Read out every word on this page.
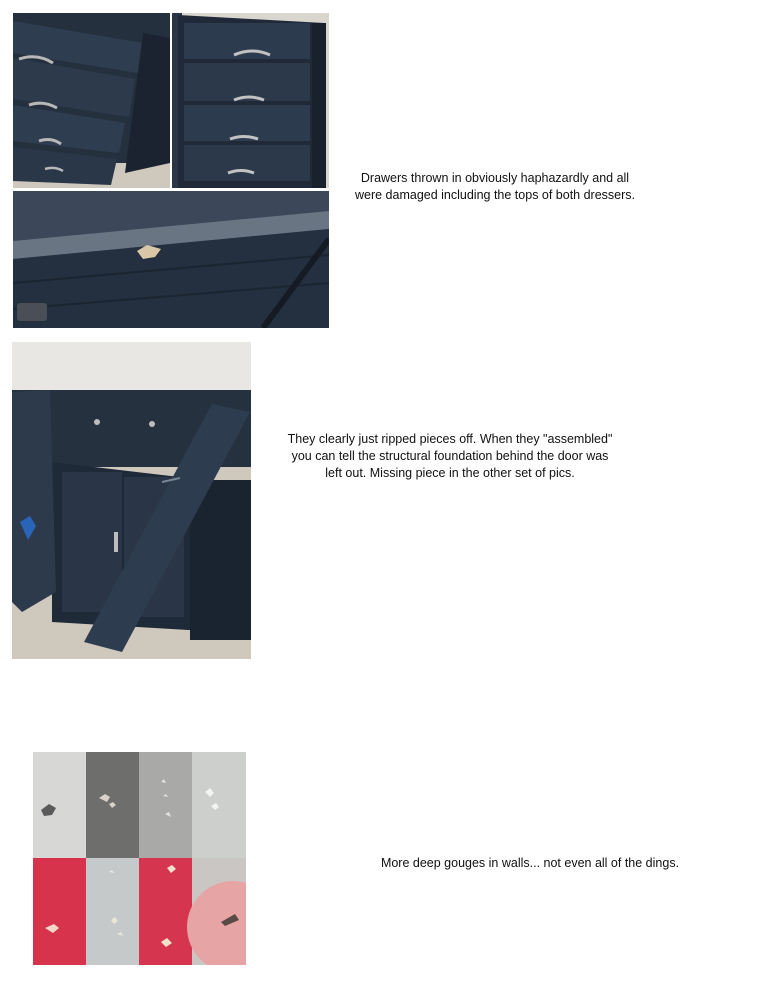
Drawers thrown in obviously haphazardly and all
were damaged including the tops of both dressers.
They clearly just ripped pieces off. When they "assembled"
you can tell the structural foundation behind the door was
left out. Missing piece in the other set of pics.
More deep gouges in walls... not even all of the dings.
